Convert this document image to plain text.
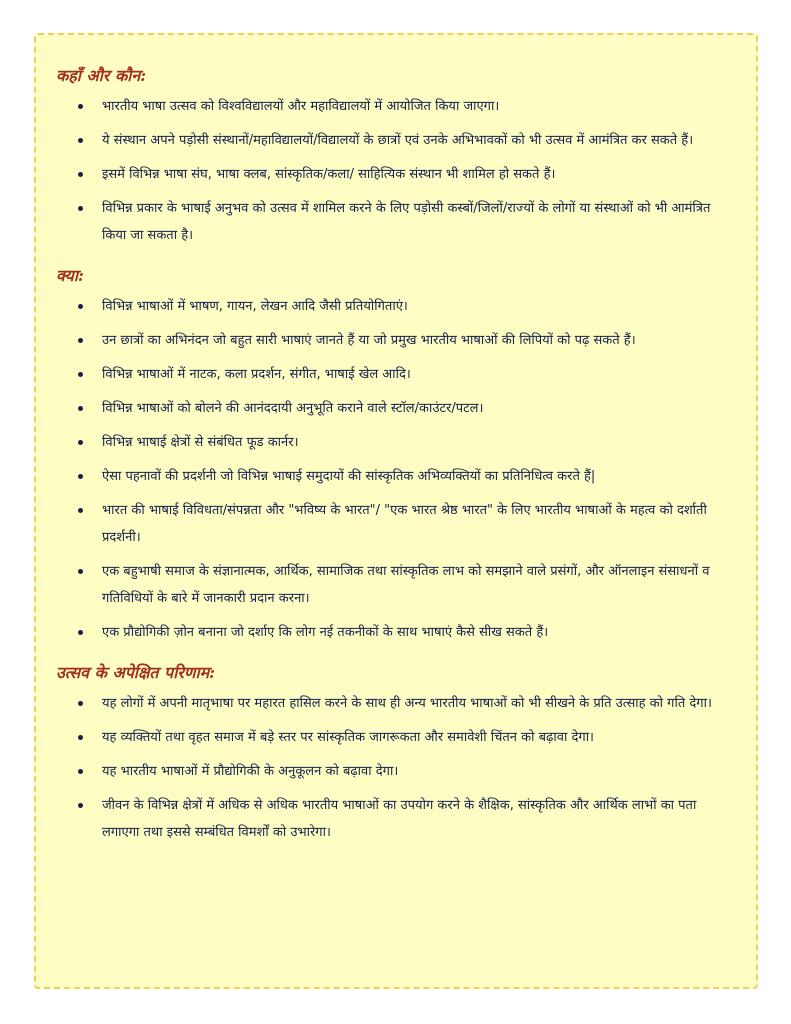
कहाँ और कौन:
भारतीय भाषा उत्सव को विश्वविद्यालयों और महाविद्यालयों में आयोजित किया जाएगा।
ये संस्थान अपने पड़ोसी संस्थानों/महाविद्यालयों/विद्यालयों के छात्रों एवं उनके अभिभावकों को भी उत्सव में आमंत्रित कर सकते हैं।
इसमें विभिन्न भाषा संघ, भाषा क्लब, सांस्कृतिक/कला/ साहित्यिक संस्थान भी शामिल हो सकते हैं।
विभिन्न प्रकार के भाषाई अनुभव को उत्सव में शामिल करने के लिए पड़ोसी कस्बों/जिलों/राज्यों के लोगों या संस्थाओं को भी आमंत्रित किया जा सकता है।
क्या:
विभिन्न भाषाओं में भाषण, गायन, लेखन आदि जैसी प्रतियोगिताएं।
उन छात्रों का अभिनंदन जो बहुत सारी भाषाएं जानते हैं या जो प्रमुख भारतीय भाषाओं की लिपियों को पढ़ सकते हैं।
विभिन्न भाषाओं में नाटक, कला प्रदर्शन, संगीत, भाषाई खेल आदि।
विभिन्न भाषाओं को बोलने की आनंददायी अनुभूति कराने वाले स्टॉल/काउंटर/पटल।
विभिन्न भाषाई क्षेत्रों से संबंधित फूड कार्नर।
ऐसा पहनावों की प्रदर्शनी जो विभिन्न भाषाई समुदायों की सांस्कृतिक अभिव्यक्तियों का प्रतिनिधित्व करते हैं|
भारत की भाषाई विविधता/संपन्नता और "भविष्य के भारत"/ "एक भारत श्रेष्ठ भारत" के लिए भारतीय भाषाओं के महत्व को दर्शाती प्रदर्शनी।
एक बहुभाषी समाज के संज्ञानात्मक, आर्थिक, सामाजिक तथा सांस्कृतिक लाभ को समझाने वाले प्रसंगों, और ऑनलाइन संसाधनों व गतिविधियों के बारे में जानकारी प्रदान करना।
एक प्रौद्योगिकी ज़ोन बनाना जो दर्शाए कि लोग नई तकनीकों के साथ भाषाएं कैसे सीख सकते हैं।
उत्सव के अपेक्षित परिणाम:
यह लोगों में अपनी मातृभाषा पर महारत हासिल करने के साथ ही अन्य भारतीय भाषाओं को भी सीखने के प्रति उत्साह को गति देगा।
यह व्यक्तियों तथा वृहत समाज में बड़े स्तर पर सांस्कृतिक जागरूकता और समावेशी चिंतन को बढ़ावा देगा।
यह भारतीय भाषाओं में प्रौद्योगिकी के अनुकूलन को बढ़ावा देगा।
जीवन के विभिन्न क्षेत्रों में अधिक से अधिक भारतीय भाषाओं का उपयोग करने के शैक्षिक, सांस्कृतिक और आर्थिक लाभों का पता लगाएगा तथा इससे सम्बंधित विमर्शों को उभारेगा।
